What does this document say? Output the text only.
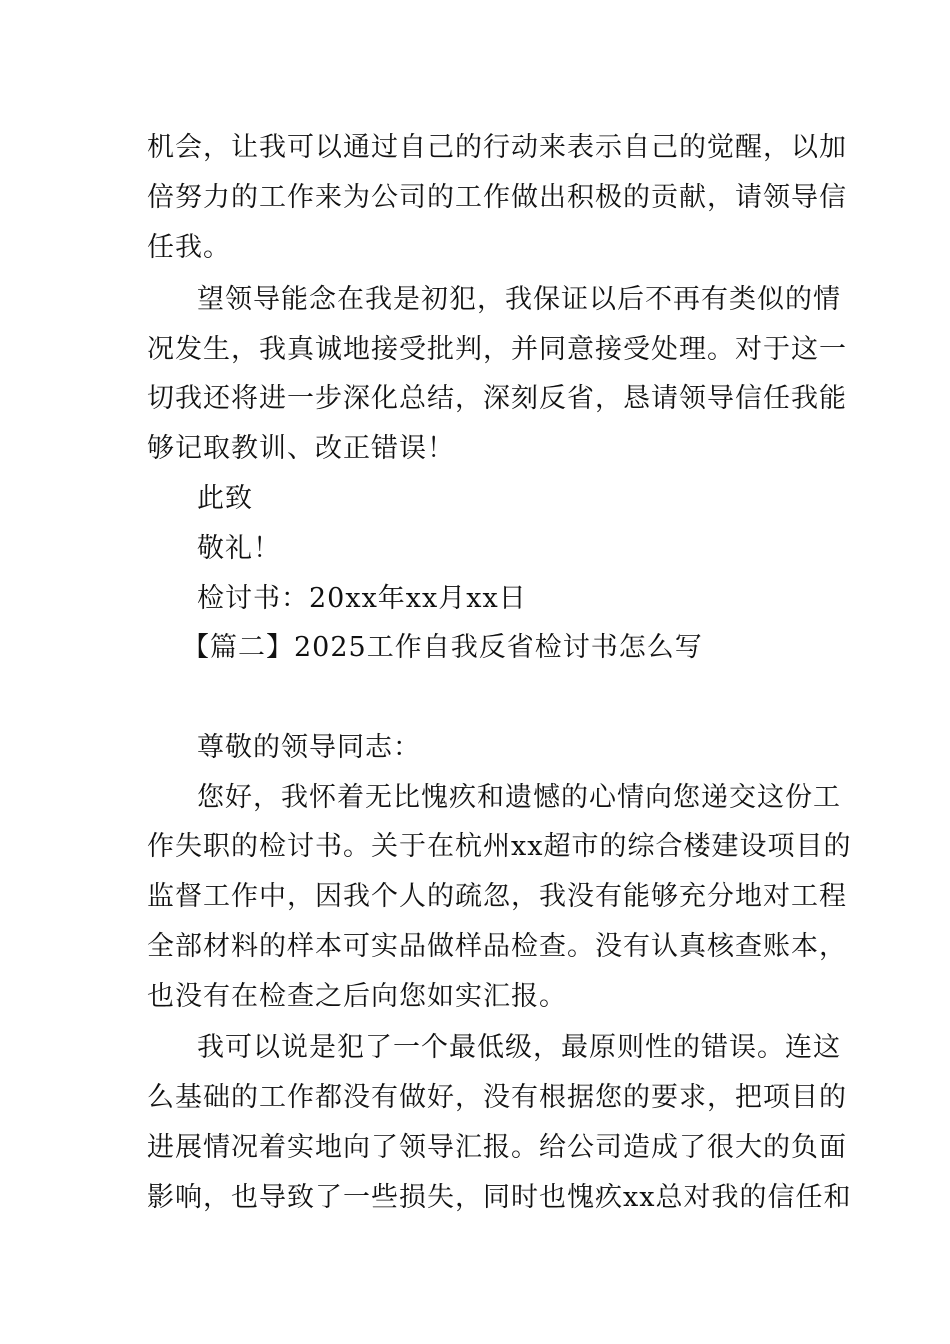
机会，让我可以通过自己的行动来表示自己的觉醒，以加
倍努力的工作来为公司的工作做出积极的贡献，请领导信
任我。
望领导能念在我是初犯，我保证以后不再有类似的情
况发生，我真诚地接受批判，并同意接受处理。对于这一
切我还将进一步深化总结，深刻反省，恳请领导信任我能
够记取教训、改正错误！
此致
敬礼！
检讨书：20xx年xx月xx日
【篇二】2025工作自我反省检讨书怎么写
尊敬的领导同志：
您好，我怀着无比愧疚和遗憾的心情向您递交这份工
作失职的检讨书。关于在杭州xx超市的综合楼建设项目的
监督工作中，因我个人的疏忽，我没有能够充分地对工程
全部材料的样本可实品做样品检查。没有认真核查账本，
也没有在检查之后向您如实汇报。
我可以说是犯了一个最低级，最原则性的错误。连这
么基础的工作都没有做好，没有根据您的要求，把项目的
进展情况着实地向了领导汇报。给公司造成了很大的负面
影响，也导致了一些损失，同时也愧疚xx总对我的信任和
